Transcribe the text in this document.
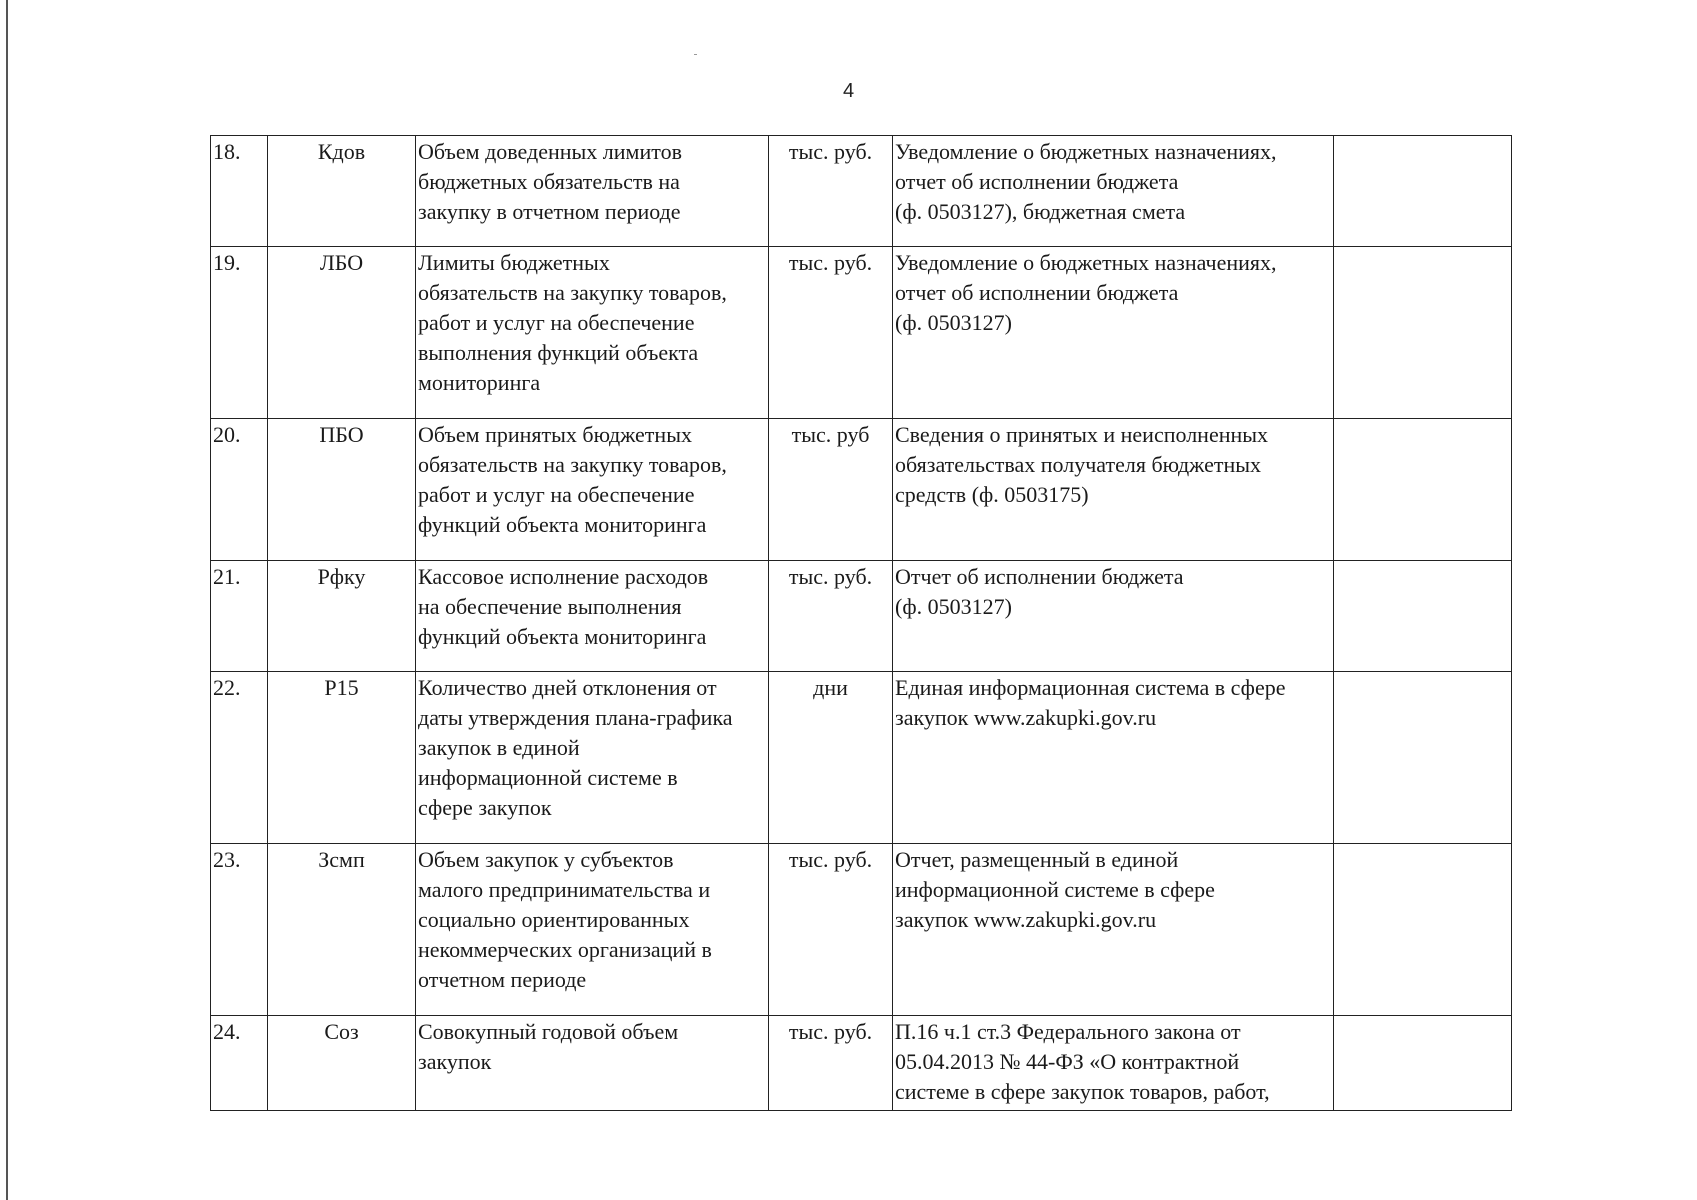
4
18.	Кдов	Объем доведенных лимитов
бюджетных обязательств на
закупку в отчетном периоде	тыс. руб.	Уведомление о бюджетных назначениях,
отчет об исполнении бюджета
(ф. 0503127), бюджетная смета	
19.	ЛБО	Лимиты бюджетных
обязательств на закупку товаров,
работ и услуг на обеспечение
выполнения функций объекта
мониторинга	тыс. руб.	Уведомление о бюджетных назначениях,
отчет об исполнении бюджета
(ф. 0503127)	
20.	ПБО	Объем принятых бюджетных
обязательств на закупку товаров,
работ и услуг на обеспечение
функций объекта мониторинга	тыс. руб	Сведения о принятых и неисполненных
обязательствах получателя бюджетных
средств (ф. 0503175)	
21.	Рфку	Кассовое исполнение расходов
на обеспечение выполнения
функций объекта мониторинга	тыс. руб.	Отчет об исполнении бюджета
(ф. 0503127)	
22.	Р15	Количество дней отклонения от
даты утверждения плана-графика
закупок в единой
информационной системе в
сфере закупок	дни	Единая информационная система в сфере
закупок www.zakupki.gov.ru	
23.	Зсмп	Объем закупок у субъектов
малого предпринимательства и
социально ориентированных
некоммерческих организаций в
отчетном периоде	тыс. руб.	Отчет, размещенный в единой
информационной системе в сфере
закупок www.zakupki.gov.ru	
24.	Соз	Совокупный годовой объем
закупок	тыс. руб.	П.16 ч.1 ст.3 Федерального закона от
05.04.2013 № 44-ФЗ «О контрактной
системе в сфере закупок товаров, работ,	
